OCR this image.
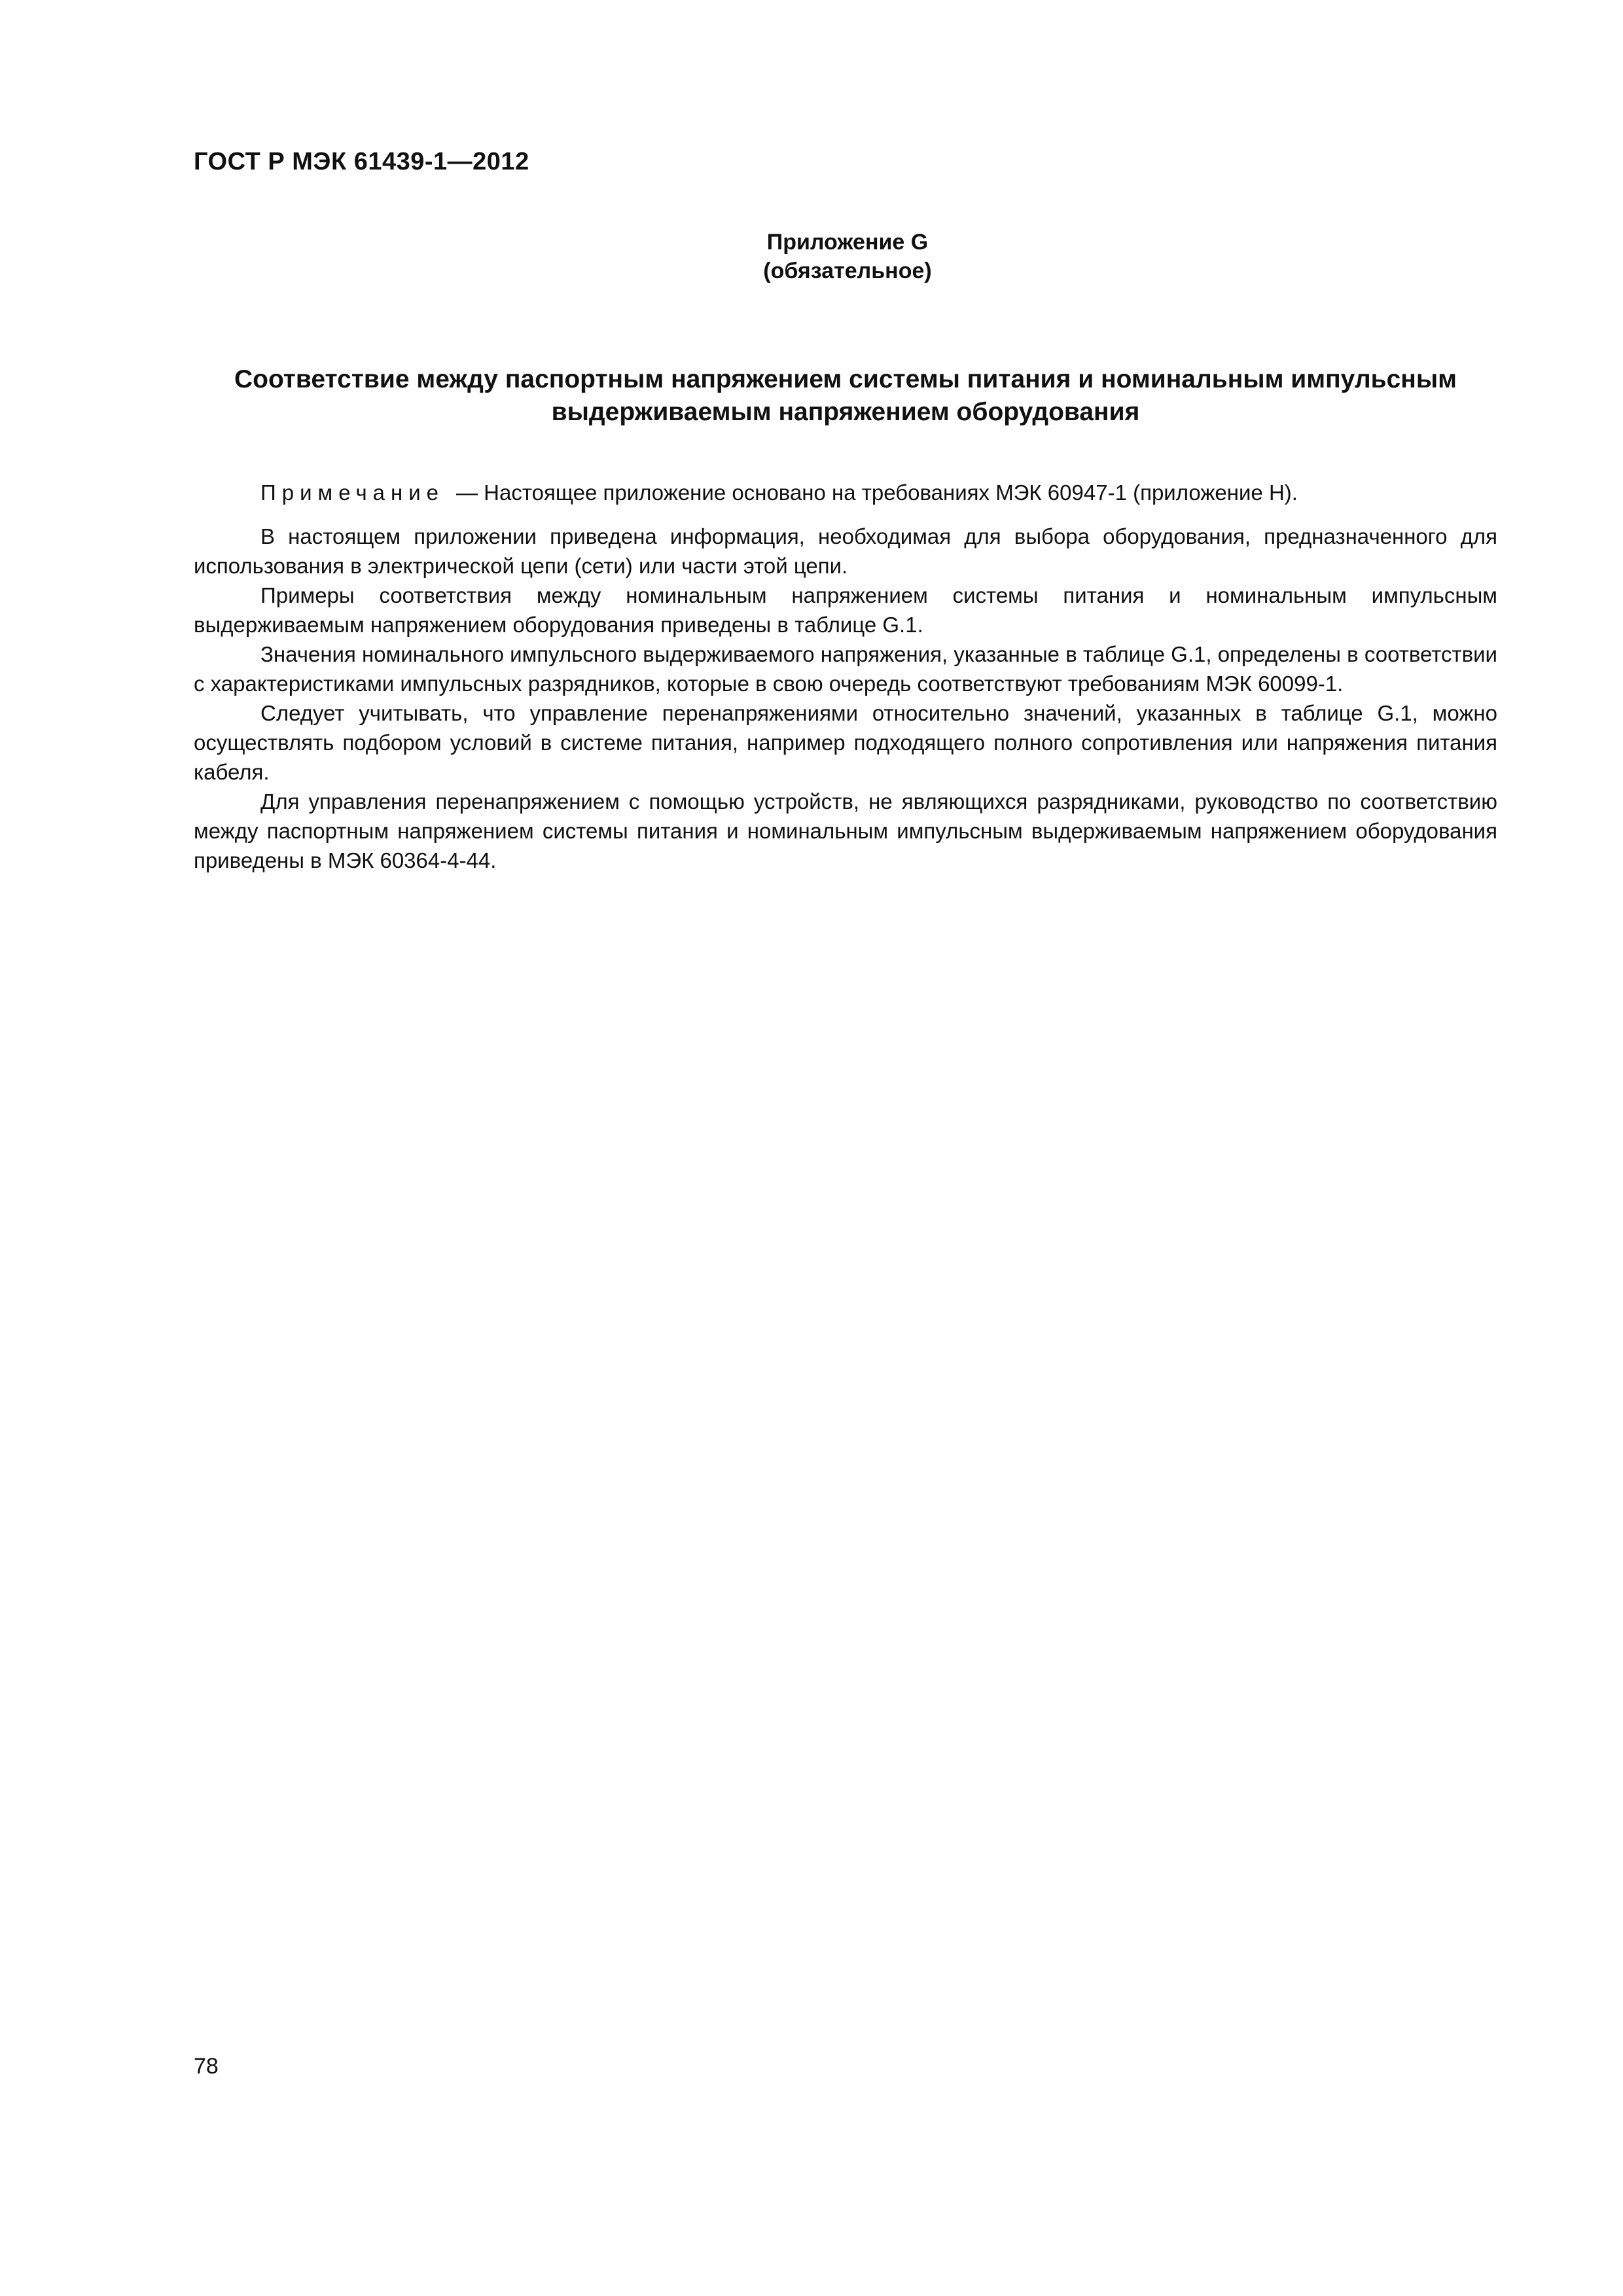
ГОСТ Р МЭК 61439-1—2012
Приложение G
(обязательное)
Соответствие между паспортным напряжением системы питания и номинальным импульсным
выдерживаемым напряжением оборудования

Примечание — Настоящее приложение основано на требованиях МЭК 60947-1 (приложение H).

В настоящем приложении приведена информация, необходимая для выбора оборудования, предназначенного для использования в электрической цепи (сети) или части этой цепи.

Примеры соответствия между номинальным напряжением системы питания и номинальным импульсным выдерживаемым напряжением оборудования приведены в таблице G.1.

Значения номинального импульсного выдерживаемого напряжения, указанные в таблице G.1, определены в соответствии с характеристиками импульсных разрядников, которые в свою очередь соответствуют требованиям МЭК 60099-1.

Следует учитывать, что управление перенапряжениями относительно значений, указанных в таблице G.1, можно осуществлять подбором условий в системе питания, например подходящего полного сопротивления или напряжения питания кабеля.

Для управления перенапряжением с помощью устройств, не являющихся разрядниками, руководство по соответствию между паспортным напряжением системы питания и номинальным импульсным выдерживаемым напряжением оборудования приведены в МЭК 60364-4-44.

78
